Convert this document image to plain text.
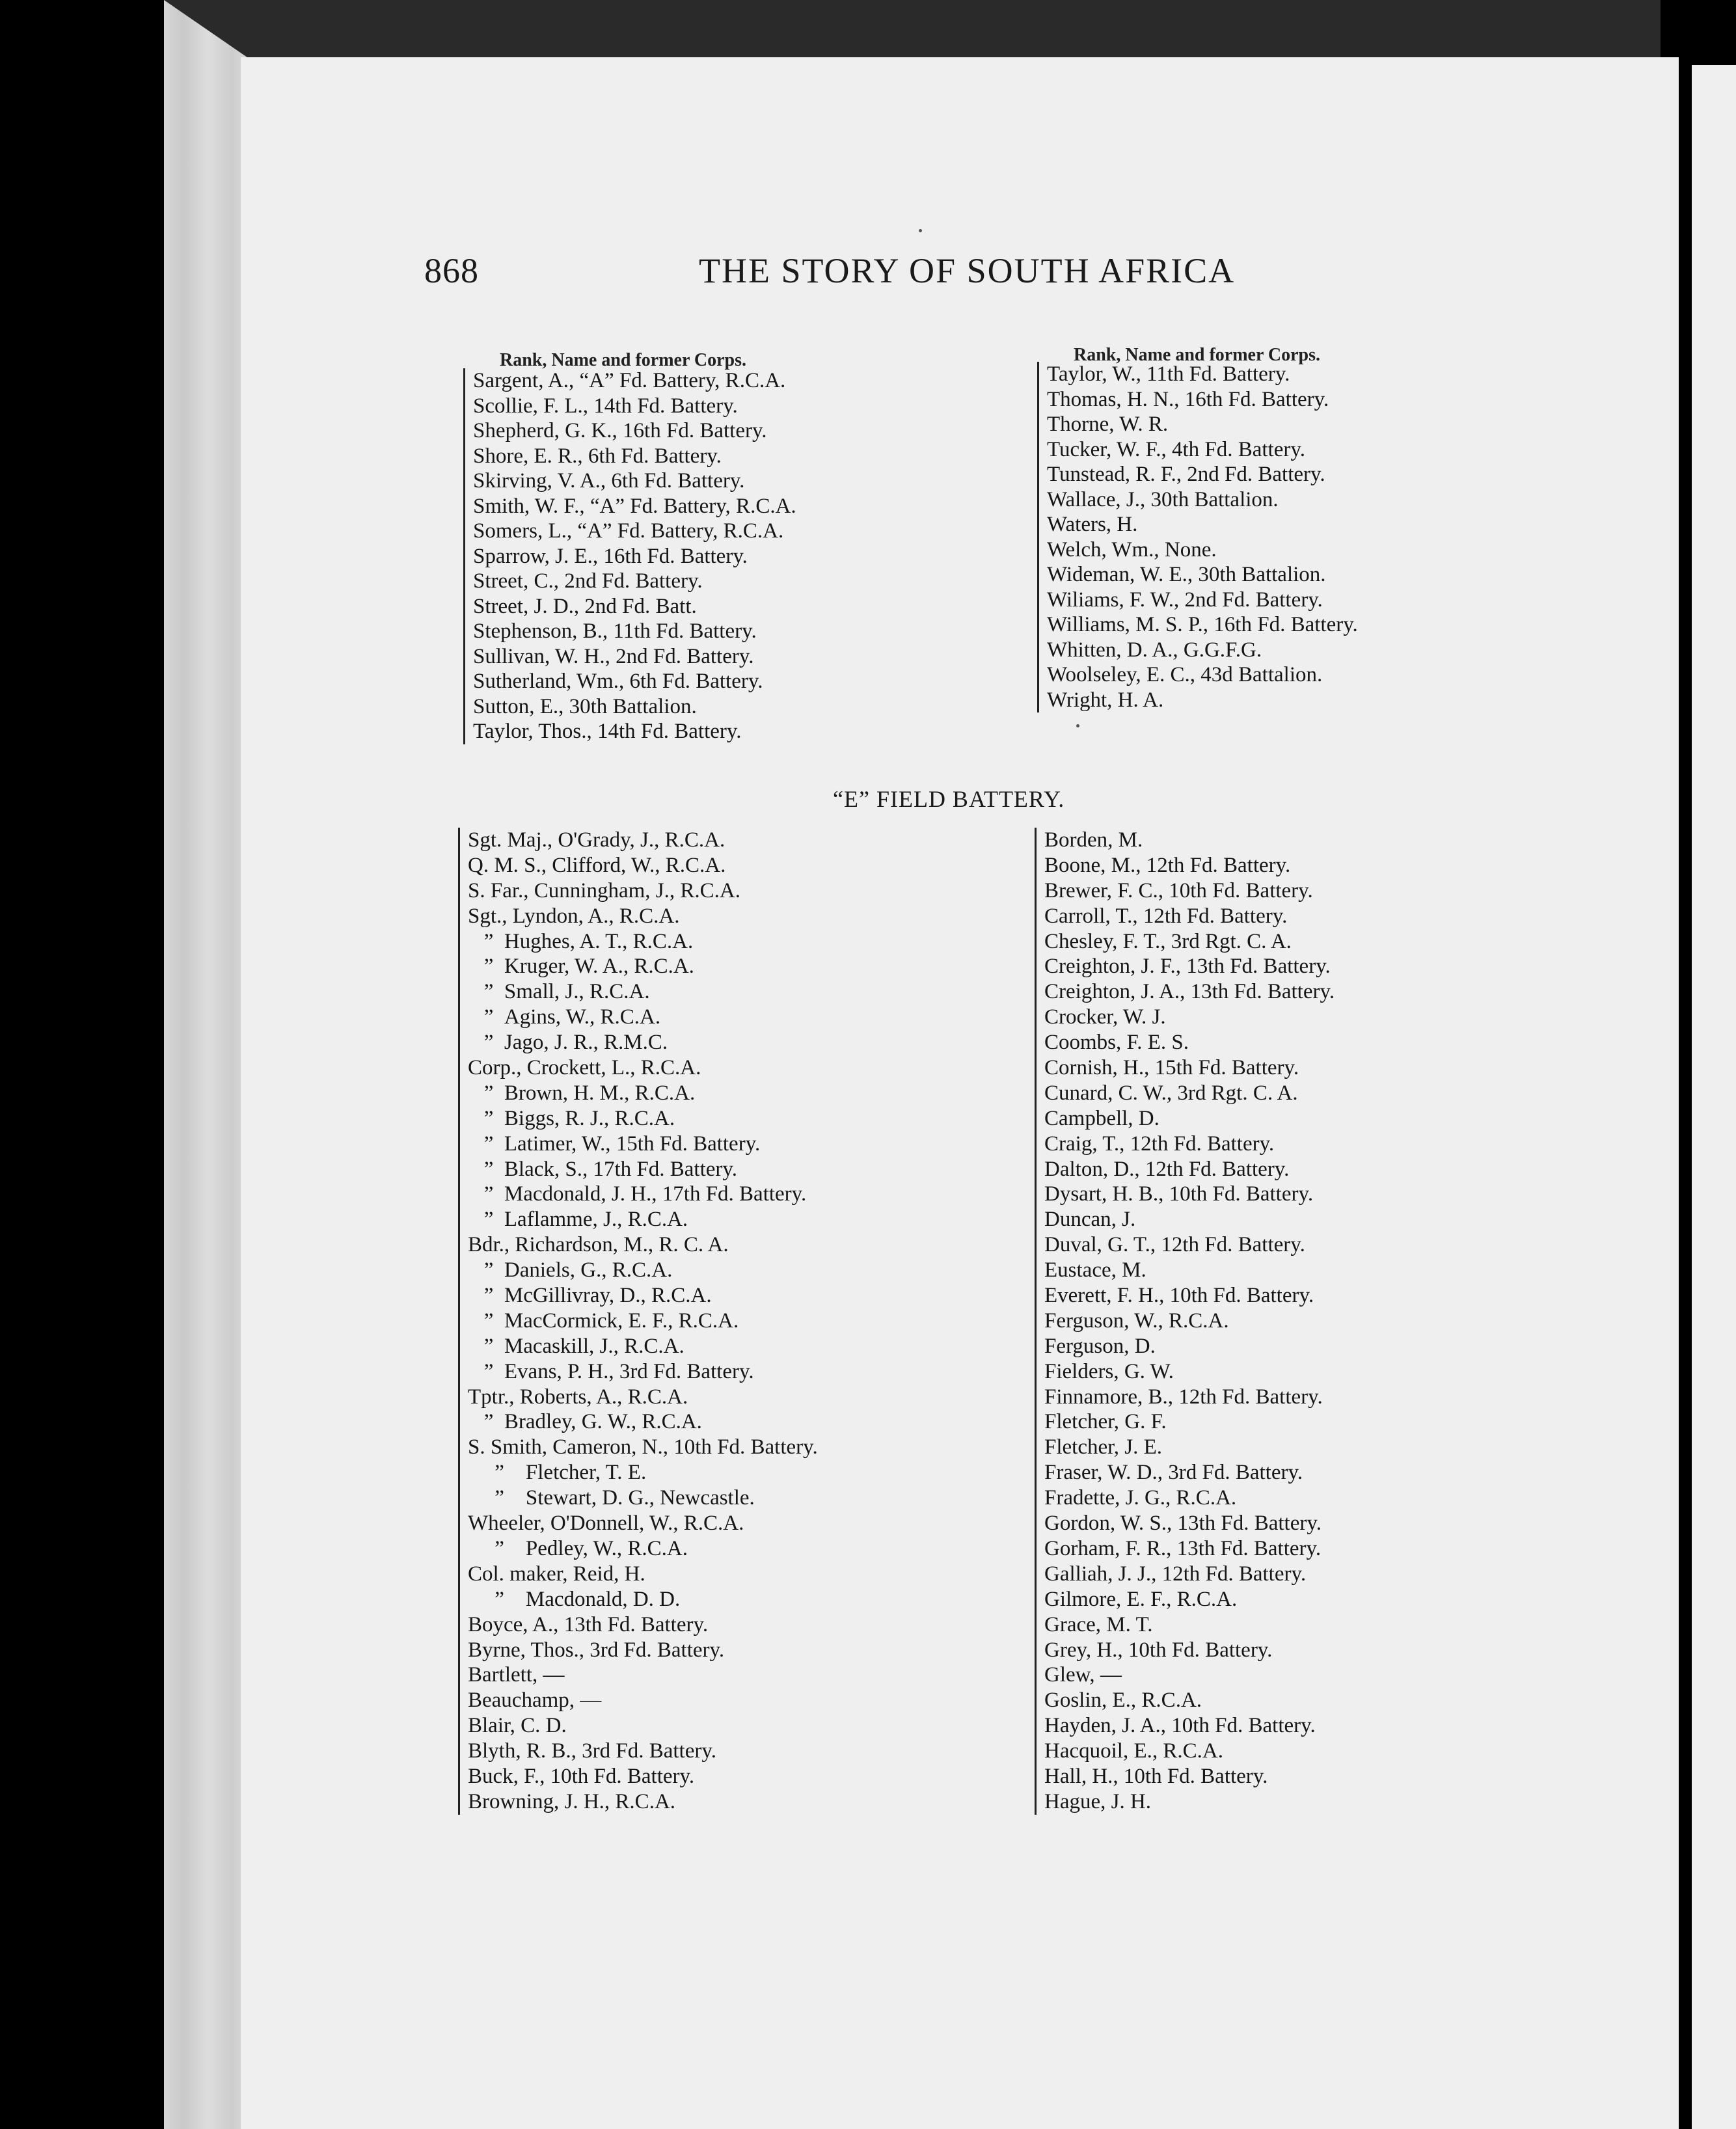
868	THE STORY OF SOUTH AFRICA
Rank, Name and former Corps.	Rank, Name and former Corps.
Sargent, A., “A” Fd. Battery, R.C.A.
Scollie, F. L., 14th Fd. Battery.
Shepherd, G. K., 16th Fd. Battery.
Shore, E. R., 6th Fd. Battery.
Skirving, V. A., 6th Fd. Battery.
Smith, W. F., “A” Fd. Battery, R.C.A.
Somers, L., “A” Fd. Battery, R.C.A.
Sparrow, J. E., 16th Fd. Battery.
Street, C., 2nd Fd. Battery.
Street, J. D., 2nd Fd. Batt.
Stephenson, B., 11th Fd. Battery.
Sullivan, W. H., 2nd Fd. Battery.
Sutherland, Wm., 6th Fd. Battery.
Sutton, E., 30th Battalion.
Taylor, Thos., 14th Fd. Battery.
Taylor, W., 11th Fd. Battery.
Thomas, H. N., 16th Fd. Battery.
Thorne, W. R.
Tucker, W. F., 4th Fd. Battery.
Tunstead, R. F., 2nd Fd. Battery.
Wallace, J., 30th Battalion.
Waters, H.
Welch, Wm., None.
Wideman, W. E., 30th Battalion.
Wiliams, F. W., 2nd Fd. Battery.
Williams, M. S. P., 16th Fd. Battery.
Whitten, D. A., G.G.F.G.
Woolseley, E. C., 43d Battalion.
Wright, H. A.
“E” FIELD BATTERY.
Sgt. Maj., O'Grady, J., R.C.A.
Q. M. S., Clifford, W., R.C.A.
S. Far., Cunningham, J., R.C.A.
Sgt., Lyndon, A., R.C.A.
”  Hughes, A. T., R.C.A.
”  Kruger, W. A., R.C.A.
”  Small, J., R.C.A.
”  Agins, W., R.C.A.
”  Jago, J. R., R.M.C.
Corp., Crockett, L., R.C.A.
”  Brown, H. M., R.C.A.
”  Biggs, R. J., R.C.A.
”  Latimer, W., 15th Fd. Battery.
”  Black, S., 17th Fd. Battery.
”  Macdonald, J. H., 17th Fd. Battery.
”  Laflamme, J., R.C.A.
Bdr., Richardson, M., R. C. A.
”  Daniels, G., R.C.A.
”  McGillivray, D., R.C.A.
”  MacCormick, E. F., R.C.A.
”  Macaskill, J., R.C.A.
”  Evans, P. H., 3rd Fd. Battery.
Tptr., Roberts, A., R.C.A.
”  Bradley, G. W., R.C.A.
S. Smith, Cameron, N., 10th Fd. Battery.
”    Fletcher, T. E.
”    Stewart, D. G., Newcastle.
Wheeler, O'Donnell, W., R.C.A.
”    Pedley, W., R.C.A.
Col. maker, Reid, H.
”    Macdonald, D. D.
Boyce, A., 13th Fd. Battery.
Byrne, Thos., 3rd Fd. Battery.
Bartlett, —
Beauchamp, —
Blair, C. D.
Blyth, R. B., 3rd Fd. Battery.
Buck, F., 10th Fd. Battery.
Browning, J. H., R.C.A.
Borden, M.
Boone, M., 12th Fd. Battery.
Brewer, F. C., 10th Fd. Battery.
Carroll, T., 12th Fd. Battery.
Chesley, F. T., 3rd Rgt. C. A.
Creighton, J. F., 13th Fd. Battery.
Creighton, J. A., 13th Fd. Battery.
Crocker, W. J.
Coombs, F. E. S.
Cornish, H., 15th Fd. Battery.
Cunard, C. W., 3rd Rgt. C. A.
Campbell, D.
Craig, T., 12th Fd. Battery.
Dalton, D., 12th Fd. Battery.
Dysart, H. B., 10th Fd. Battery.
Duncan, J.
Duval, G. T., 12th Fd. Battery.
Eustace, M.
Everett, F. H., 10th Fd. Battery.
Ferguson, W., R.C.A.
Ferguson, D.
Fielders, G. W.
Finnamore, B., 12th Fd. Battery.
Fletcher, G. F.
Fletcher, J. E.
Fraser, W. D., 3rd Fd. Battery.
Fradette, J. G., R.C.A.
Gordon, W. S., 13th Fd. Battery.
Gorham, F. R., 13th Fd. Battery.
Galliah, J. J., 12th Fd. Battery.
Gilmore, E. F., R.C.A.
Grace, M. T.
Grey, H., 10th Fd. Battery.
Glew, —
Goslin, E., R.C.A.
Hayden, J. A., 10th Fd. Battery.
Hacquoil, E., R.C.A.
Hall, H., 10th Fd. Battery.
Hague, J. H.
